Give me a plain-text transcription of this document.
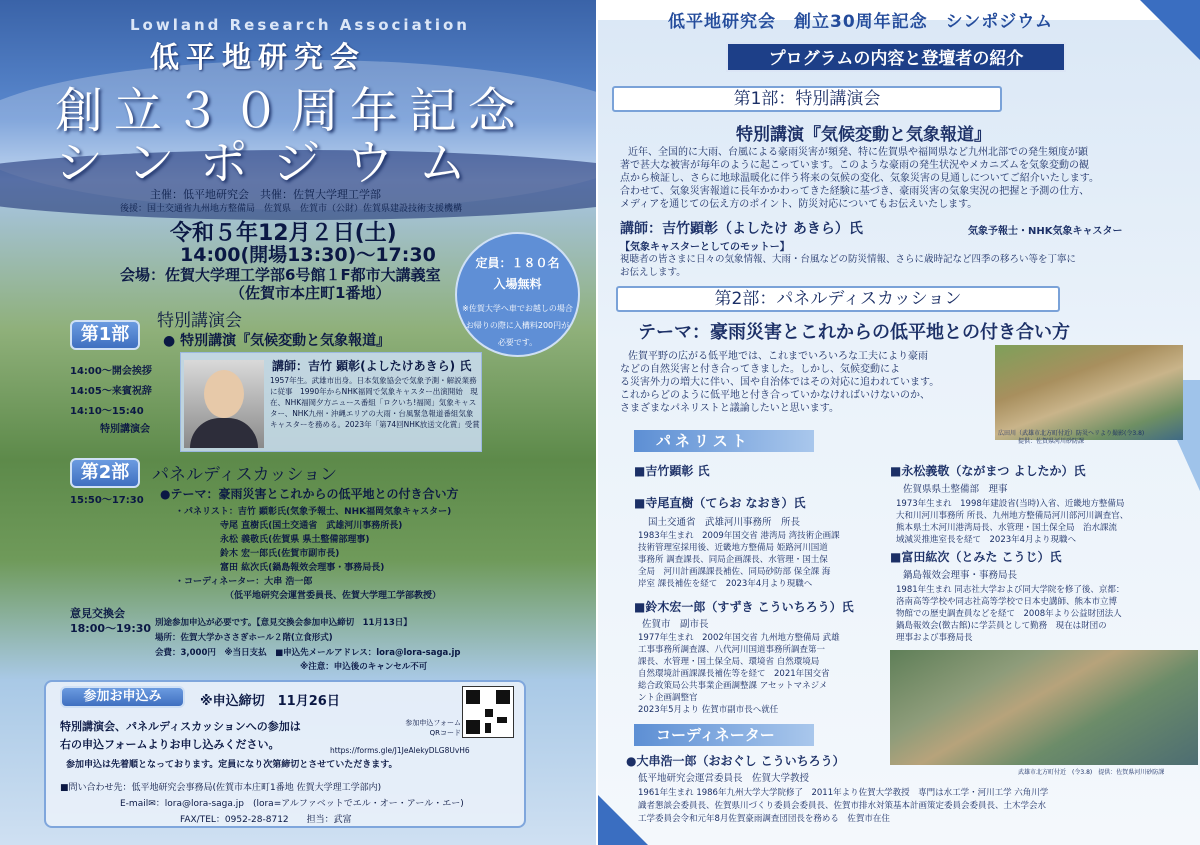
Lowland Research Association
低平地研究会
創立３０周年記念
シンポジウム
主催：低平地研究会　共催：佐賀大学理工学部
後援：国土交通省九州地方整備局　佐賀県　佐賀市（公財）佐賀県建設技術支援機構
令和５年12月２日(土)
14:00(開場13:30)～17:30
会場：佐賀大学理工学部6号館１F都市大講義室
（佐賀市本庄町1番地）
定員：１８０名
入場無料
※佐賀大学へ車でお越しの場合
お帰りの際に入構料200円が
必要です。
第1部
特別講演会
● 特別講演『気候変動と気象報道』
14:00～開会挨拶
14:05～来賓祝辞
14:10～15:40
特別講演会
講師：吉竹 顕彰(よしたけあきら) 氏
1957年生。武雄市出身。日本気象協会で気象予測・解説業務に従事　1990年からNHK福岡で気象キャスター出演開始　現在、NHK福岡夕方ニュース番組「ロクいち!福岡」気象キャスター、NHK九州・沖縄エリアの大雨・台風緊急報道番組気象キャスターを務める。2023年「第74回NHK放送文化賞」受賞
第2部	パネルディスカッション
15:50～17:30 ●テーマ：豪雨災害とこれからの低平地との付き合い方
・パネリスト：吉竹 顕彰氏(気象予報士、NHK福岡気象キャスター)
寺尾 直樹氏(国土交通省　武雄河川事務所長)
永松 義敬氏(佐賀県 県土整備部理事)
鈴木 宏一郎氏(佐賀市副市長)
富田 紘次氏(鍋島報效会理事・事務局長)
・コーディネーター：大串 浩一郎
（低平地研究会運営委員長、佐賀大学理工学部教授）
意見交換会
18:00～19:30 別途参加申込が必要です。【意見交換会参加申込締切　11月13日】
場所：佐賀大学かささぎホール２階(立食形式)
会費：3,000円　※当日支払　■申込先メールアドレス：lora@lora-saga.jp
※注意：申込後のキャンセル不可
参加お申込み	※申込締切　11月26日
特別講演会、パネルディスカッションへの参加は
右の申込フォームよりお申し込みください。	https://forms.gle/J1JeAlekyDLG8UvH6
参加申込は先着順となっております。定員になり次第締切とさせていただきます。
参加申込フォーム
QRコード
■問い合わせ先：低平地研究会事務局(佐賀市本庄町1番地 佐賀大学理工学部内)
E-mail✉：lora@lora-saga.jp　(lora=アルファベットでエル・オー・アール・エー)
FAX/TEL：0952-28-8712　　担当：武富
低平地研究会　創立30周年記念　シンポジウム
プログラムの内容と登壇者の紹介
第1部：特別講演会
特別講演『気候変動と気象報道』
近年、全国的に大雨、台風による豪雨災害が頻発、特に佐賀県や福岡県など九州北部での発生頻度が顕
著で甚大な被害が毎年のように起こっています。このような豪雨の発生状況やメカニズムを気象変動の観
点から検証し、さらに地球温暖化に伴う将来の気候の変化、気象災害の見通しについてご紹介いたします。
合わせて、気象災害報道に長年かかわってきた経験に基づき、豪雨災害の気象実況の把握と予測の仕方、
メディアを通じての伝え方のポイント、防災対応についてもお伝えいたします。
講師：吉竹顕彰（よしたけ あきら）氏	気象予報士・NHK気象キャスター
【気象キャスターとしてのモットー】
視聴者の皆さまに日々の気象情報、大雨・台風などの防災情報、さらに歳時記など四季の移ろい等を丁寧に
お伝えします。
第2部：パネルディスカッション
テーマ：豪雨災害とこれからの低平地との付き合い方
佐賀平野の広がる低平地では、これまでいろいろな工夫により豪雨
などの自然災害と付き合ってきました。しかし、気候変動によ
る災害外力の増大に伴い、国や自治体ではその対応に追われています。
これからどのように低平地と付き合っていかなければいけないのか、
さまざまなパネリストと議論したいと思います。
広田川（武雄市北方町付近）防災ヘリより撮影(令3.8)
提供：佐賀県河川砂防課
パネリスト
■吉竹顕彰 氏
■寺尾直樹（てらお なおき）氏
国土交通省　武雄河川事務所　所長
1983年生まれ　2009年国交省 港湾局 湾技術企画課
技術管理室採用後、近畿地方整備局 姫路河川国道
事務所 調査課長、同局企画課長、水管理・国土保
全局　河川計画課課長補佐、同局砂防部 保全課 海
岸室 課長補佐を経て　2023年4月より現職へ
■鈴木宏一郎（すずき こういちろう）氏
佐賀市　副市長
1977年生まれ　2002年国交省 九州地方整備局 武雄
工事事務所調査課、八代河川国道事務所調査第一
課長、水管理・国土保全局、環境省 自然環境局
自然環境計画課課長補佐等を経て　2021年国交省
総合政策局公共事業企画調整課 アセットマネジメ
ント企画調整官
2023年5月より 佐賀市副市長へ就任
■永松義敬（ながまつ よしたか）氏
佐賀県県土整備部　理事
1973年生まれ　1998年建設省(当時)入省、近畿地方整備局
大和川河川事務所 所長、九州地方整備局河川部河川調査官、
熊本県土木河川港湾局長、水管理・国土保全局　治水課流
域減災推進室長を経て　2023年4月より現職へ
■富田紘次（とみた こうじ）氏
鍋島報效会理事・事務局長
1981年生まれ 同志社大学および同大学院を修了後、京都：
洛南高等学校や同志社高等学校で日本史講師、熊本市立博
物館での歴史調査員などを経て　2008年より公益財団法人
鍋島報效会(徴古館)に学芸員として勤務　現在は財団の
理事および事務局長
武雄市北方町付近　(令3.8)　提供：佐賀県河川砂防課
コーディネーター
●大串浩一郎（おおぐし こういちろう）
低平地研究会運営委員長　佐賀大学教授
1961年生まれ 1986年九州大学大学院修了　2011年より佐賀大学教授　専門は水工学・河川工学 六角川学
識者懇談会委員長、佐賀県川づくり委員会委員長、佐賀市排水対策基本計画策定委員会委員長、土木学会水
工学委員会令和元年8月佐賀豪雨調査団団長を務める　佐賀市在住
